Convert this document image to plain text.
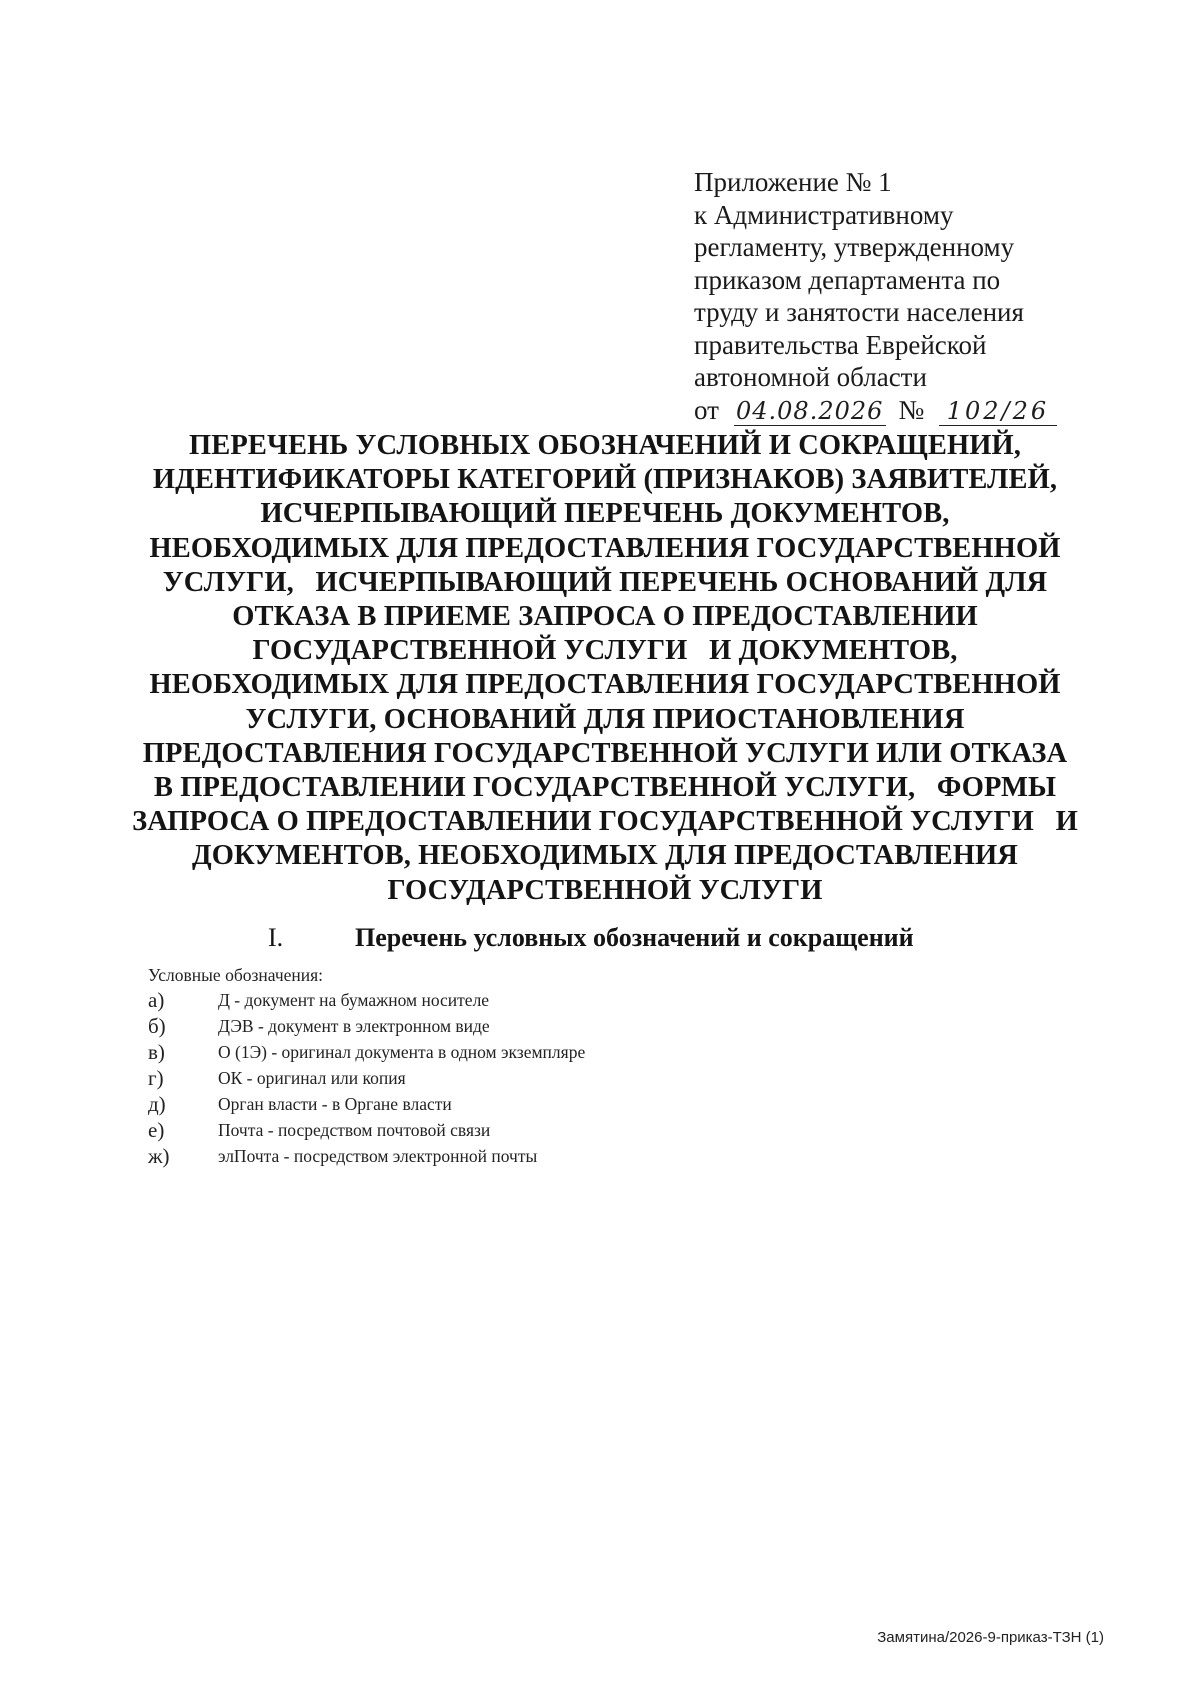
Приложение № 1
к Административному
регламенту, утвержденному
приказом департамента по
труду и занятости населения
правительства Еврейской
автономной области
от 04.08.2026 № 102/26
ПЕРЕЧЕНЬ УСЛОВНЫХ ОБОЗНАЧЕНИЙ И СОКРАЩЕНИЙ,
ИДЕНТИФИКАТОРЫ КАТЕГОРИЙ (ПРИЗНАКОВ) ЗАЯВИТЕЛЕЙ,
ИСЧЕРПЫВАЮЩИЙ ПЕРЕЧЕНЬ ДОКУМЕНТОВ,
НЕОБХОДИМЫХ ДЛЯ ПРЕДОСТАВЛЕНИЯ ГОСУДАРСТВЕННОЙ
УСЛУГИ,   ИСЧЕРПЫВАЮЩИЙ ПЕРЕЧЕНЬ ОСНОВАНИЙ ДЛЯ
ОТКАЗА В ПРИЕМЕ ЗАПРОСА О ПРЕДОСТАВЛЕНИИ
ГОСУДАРСТВЕННОЙ УСЛУГИ   И ДОКУМЕНТОВ,
НЕОБХОДИМЫХ ДЛЯ ПРЕДОСТАВЛЕНИЯ ГОСУДАРСТВЕННОЙ
УСЛУГИ, ОСНОВАНИЙ ДЛЯ ПРИОСТАНОВЛЕНИЯ
ПРЕДОСТАВЛЕНИЯ ГОСУДАРСТВЕННОЙ УСЛУГИ ИЛИ ОТКАЗА
В ПРЕДОСТАВЛЕНИИ ГОСУДАРСТВЕННОЙ УСЛУГИ,   ФОРМЫ
ЗАПРОСА О ПРЕДОСТАВЛЕНИИ ГОСУДАРСТВЕННОЙ УСЛУГИ   И
ДОКУМЕНТОВ, НЕОБХОДИМЫХ ДЛЯ ПРЕДОСТАВЛЕНИЯ
ГОСУДАРСТВЕННОЙ УСЛУГИ
I.	Перечень условных обозначений и сокращений
Условные обозначения:
а)	Д - документ на бумажном носителе
б)	ДЭВ - документ в электронном виде
в)	О (1Э) - оригинал документа в одном экземпляре
г)	ОК - оригинал или копия
д)	Орган власти - в Органе власти
е)	Почта - посредством почтовой связи
ж)	элПочта - посредством электронной почты
Замятина/2026-9-приказ-ТЗН (1)
